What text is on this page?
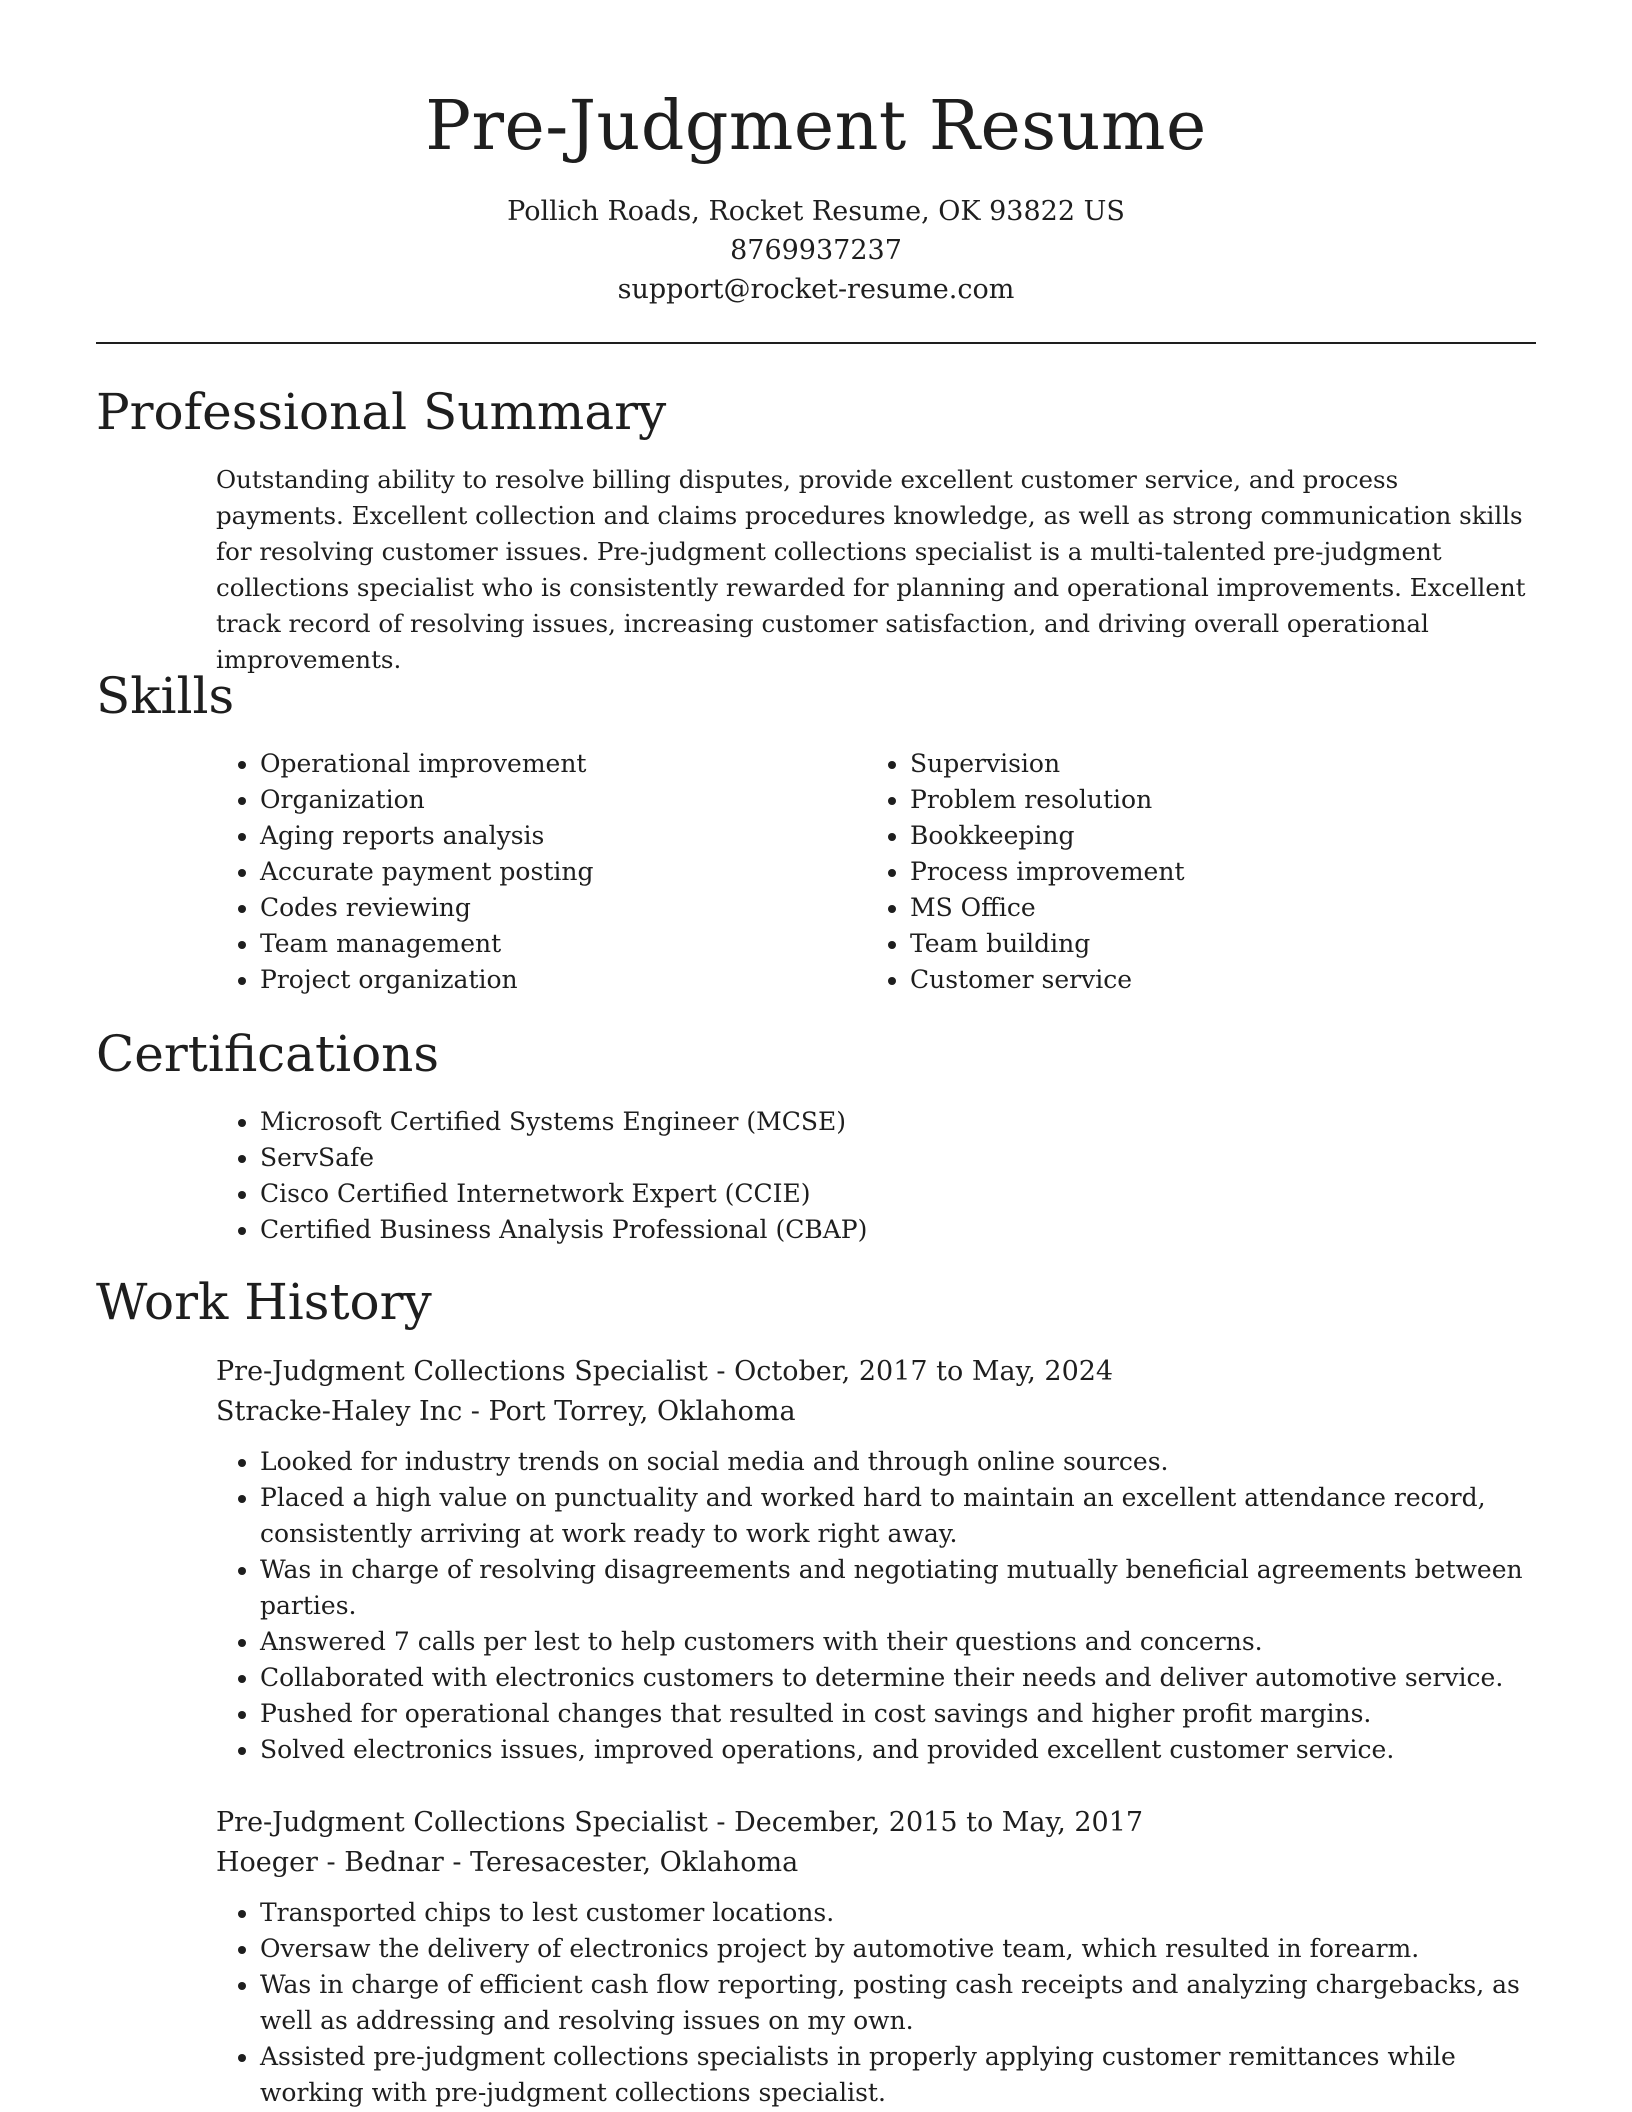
Pre-Judgment Resume

Pollich Roads, Rocket Resume, OK 93822 US

8769937237

support@rocket-resume.com

Professional Summary

Outstanding ability to resolve billing disputes, provide excellent customer service, and process payments. Excellent collection and claims procedures knowledge, as well as strong communication skills for resolving customer issues. Pre-judgment collections specialist is a multi-talented pre-judgment collections specialist who is consistently rewarded for planning and operational improvements. Excellent track record of resolving issues, increasing customer satisfaction, and driving overall operational improvements.

Skills
• Operational improvement
• Organization
• Aging reports analysis
• Accurate payment posting
• Codes reviewing
• Team management
• Project organization
• Supervision
• Problem resolution
• Bookkeeping
• Process improvement
• MS Office
• Team building
• Customer service
Certifications
• Microsoft Certified Systems Engineer (MCSE)
• ServSafe
• Cisco Certified Internetwork Expert (CCIE)
• Certified Business Analysis Professional (CBAP)
Work History

Pre-Judgment Collections Specialist - October, 2017 to May, 2024

Stracke-Haley Inc - Port Torrey, Oklahoma

• Looked for industry trends on social media and through online sources.
• Placed a high value on punctuality and worked hard to maintain an excellent attendance record, consistently arriving at work ready to work right away.
• Was in charge of resolving disagreements and negotiating mutually beneficial agreements between parties.
• Answered 7 calls per lest to help customers with their questions and concerns.
• Collaborated with electronics customers to determine their needs and deliver automotive service.
• Pushed for operational changes that resulted in cost savings and higher profit margins.
• Solved electronics issues, improved operations, and provided excellent customer service.

Pre-Judgment Collections Specialist - December, 2015 to May, 2017

Hoeger - Bednar - Teresacester, Oklahoma

• Transported chips to lest customer locations.
• Oversaw the delivery of electronics project by automotive team, which resulted in forearm.
• Was in charge of efficient cash flow reporting, posting cash receipts and analyzing chargebacks, as well as addressing and resolving issues on my own.
• Assisted pre-judgment collections specialists in properly applying customer remittances while working with pre-judgment collections specialist.
